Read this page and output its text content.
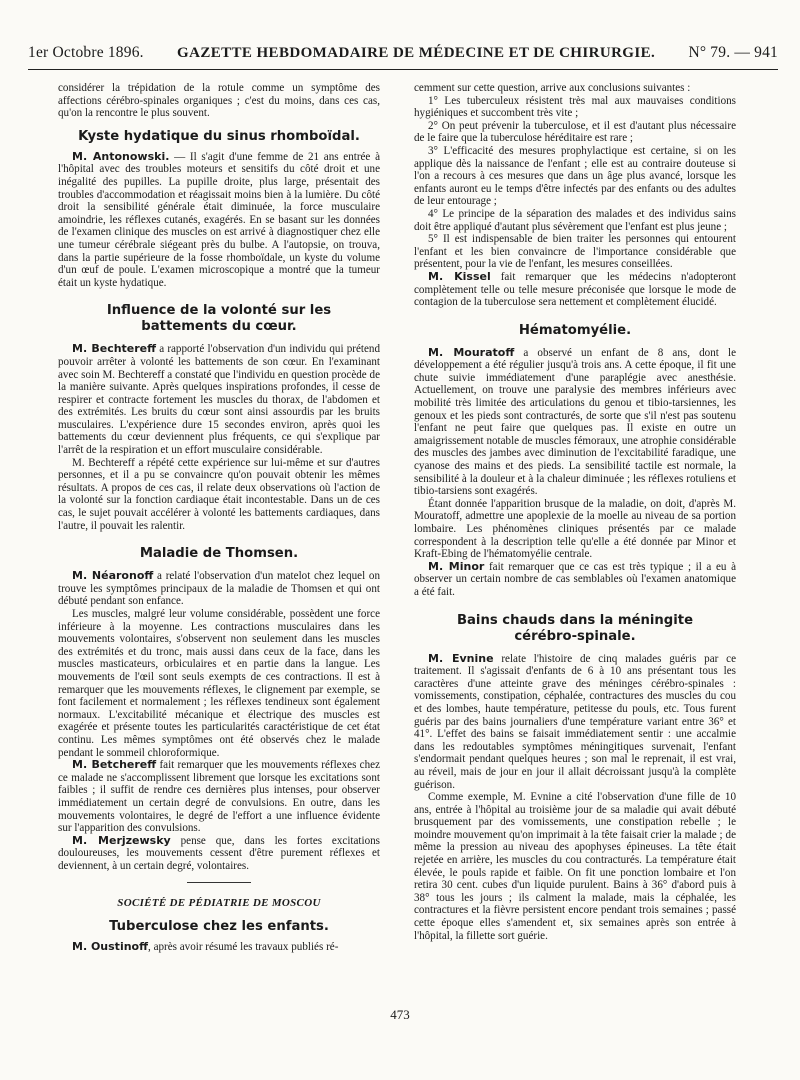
1er Octobre 1896. GAZETTE HEBDOMADAIRE DE MÉDECINE ET DE CHIRURGIE. N° 79. — 941

considérer la trépidation de la rotule comme un symptôme des affections cérébro-spinales organiques ; c'est du moins, dans ces cas, qu'on la rencontre le plus souvent.

Kyste hydatique du sinus rhomboïdal.

M. Antonowski. — Il s'agit d'une femme de 21 ans entrée à l'hôpital avec des troubles moteurs et sensitifs du côté droit et une inégalité des pupilles. La pupille droite, plus large, présentait des troubles d'accommodation et réagissait moins bien à la lumière. Du côté droit la sensibilité générale était diminuée, la force musculaire amoindrie, les réflexes cutanés, exagérés. En se basant sur les données de l'examen clinique des muscles on est arrivé à diagnostiquer chez elle une tumeur cérébrale siégeant près du bulbe. A l'autopsie, on trouva, dans la partie supérieure de la fosse rhomboïdale, un kyste du volume d'un œuf de poule. L'examen microscopique a montré que la tumeur était un kyste hydatique.

Influence de la volonté sur les battements du cœur.

M. Bechtereff a rapporté l'observation d'un individu qui prétend pouvoir arrêter à volonté les battements de son cœur. En l'examinant avec soin M. Bechtereff a constaté que l'individu en question procède de la manière suivante. Après quelques inspirations profondes, il cesse de respirer et contracte fortement les muscles du thorax, de l'abdomen et des extrémités. Les bruits du cœur sont ainsi assourdis par les bruits musculaires. L'expérience dure 15 secondes environ, après quoi les battements du cœur deviennent plus fréquents, ce qui s'explique par l'arrêt de la respiration et un effort musculaire considérable.

M. Bechtereff a répété cette expérience sur lui-même et sur d'autres personnes, et il a pu se convaincre qu'on pouvait obtenir les mêmes résultats. A propos de ces cas, il relate deux observations où l'action de la volonté sur la fonction cardiaque était incontestable. Dans un de ces cas, le sujet pouvait accélérer à volonté les battements cardiaques, dans l'autre, il pouvait les ralentir.

Maladie de Thomsen.

M. Néaronoff a relaté l'observation d'un matelot chez lequel on trouve les symptômes principaux de la maladie de Thomsen et qui ont débuté pendant son enfance.

Les muscles, malgré leur volume considérable, possèdent une force inférieure à la moyenne. Les contractions musculaires dans les mouvements volontaires, s'observent non seulement dans les muscles des extrémités et du tronc, mais aussi dans ceux de la face, dans les muscles masticateurs, orbiculaires et en partie dans la langue. Les mouvements de l'œil sont seuls exempts de ces contractions. Il est à remarquer que les mouvements réflexes, le clignement par exemple, se font facilement et normalement ; les réflexes tendineux sont également normaux. L'excitabilité mécanique et électrique des muscles est exagérée et présente toutes les particularités caractéristique de cet état continu. Les mêmes symptômes ont été observés chez le malade pendant le sommeil chloroformique.

M. Betchereff fait remarquer que les mouvements réflexes chez ce malade ne s'accomplissent librement que lorsque les excitations sont faibles ; il suffit de rendre ces dernières plus intenses, pour observer immédiatement un certain degré de convulsions. En outre, dans les mouvements volontaires, le degré de l'effort a une influence évidente sur l'apparition des convulsions.

M. Merjzewsky pense que, dans les fortes excitations douloureuses, les mouvements cessent d'être purement réflexes et deviennent, à un certain degré, volontaires.

SOCIÉTÉ DE PÉDIATRIE DE MOSCOU
Tuberculose chez les enfants.

M. Oustinoff, après avoir résumé les travaux publiés ré-

cemment sur cette question, arrive aux conclusions suivantes :

1° Les tuberculeux résistent très mal aux mauvaises conditions hygiéniques et succombent très vite ;

2° On peut prévenir la tuberculose, et il est d'autant plus nécessaire de le faire que la tuberculose héréditaire est rare ;

3° L'efficacité des mesures prophylactique est certaine, si on les applique dès la naissance de l'enfant ; elle est au contraire douteuse si l'on a recours à ces mesures que dans un âge plus avancé, lorsque les enfants auront eu le temps d'être infectés par des enfants ou des adultes de leur entourage ;

4° Le principe de la séparation des malades et des individus sains doit être appliqué d'autant plus sévèrement que l'enfant est plus jeune ;

5° Il est indispensable de bien traiter les personnes qui entourent l'enfant et les bien convaincre de l'importance considérable que présentent, pour la vie de l'enfant, les mesures conseillées.

M. Kissel fait remarquer que les médecins n'adopteront complètement telle ou telle mesure préconisée que lorsque le mode de contagion de la tuberculose sera nettement et complètement élucidé.

Hématomyélie.

M. Mouratoff a observé un enfant de 8 ans, dont le développement a été régulier jusqu'à trois ans. A cette époque, il fit une chute suivie immédiatement d'une paraplégie avec anesthésie. Actuellement, on trouve une paralysie des membres inférieurs avec mobilité très limitée des articulations du genou et tibio-tarsiennes, les genoux et les pieds sont contracturés, de sorte que s'il n'est pas soutenu l'enfant ne peut faire que quelques pas. Il existe en outre un amaigrissement notable de muscles fémoraux, une atrophie considérable des muscles des jambes avec diminution de l'excitabilité faradique, une cyanose des mains et des pieds. La sensibilité tactile est normale, la sensibilité à la douleur et à la chaleur diminuée ; les réflexes rotuliens et tibio-tarsiens sont exagérés.

Étant donnée l'apparition brusque de la maladie, on doit, d'après M. Mouratoff, admettre une apoplexie de la moelle au niveau de sa portion lombaire. Les phénomènes cliniques présentés par ce malade correspondent à la description telle qu'elle a été donnée par Minor et Kraft-Ebing de l'hématomyélie centrale.

M. Minor fait remarquer que ce cas est très typique ; il a eu à observer un certain nombre de cas semblables où l'examen anatomique a été fait.

Bains chauds dans la méningite cérébro-spinale.

M. Evnine relate l'histoire de cinq malades guéris par ce traitement. Il s'agissait d'enfants de 6 à 10 ans présentant tous les caractères d'une atteinte grave des méninges cérébro-spinales : vomissements, constipation, céphalée, contractures des muscles du cou et des lombes, haute température, petitesse du pouls, etc. Tous furent guéris par des bains journaliers d'une température variant entre 36° et 41°. L'effet des bains se faisait immédiatement sentir : une accalmie dans les redoutables symptômes méningitiques survenait, l'enfant s'endormait pendant quelques heures ; son mal le reprenait, il est vrai, au réveil, mais de jour en jour il allait décroissant jusqu'à la complète guérison.

Comme exemple, M. Evnine a cité l'observation d'une fille de 10 ans, entrée à l'hôpital au troisième jour de sa maladie qui avait débuté brusquement par des vomissements, une constipation rebelle ; le moindre mouvement qu'on imprimait à la tête faisait crier la malade ; de même la pression au niveau des apophyses épineuses. La tête était rejetée en arrière, les muscles du cou contracturés. La température était élevée, le pouls rapide et faible. On fit une ponction lombaire et l'on retira 30 cent. cubes d'un liquide purulent. Bains à 36° d'abord puis à 38° tous les jours ; ils calment la malade, mais la céphalée, les contractures et la fièvre persistent encore pendant trois semaines ; passé cette époque elles s'amendent et, six semaines après son entrée à l'hôpital, la fillette sort guérie.

473
